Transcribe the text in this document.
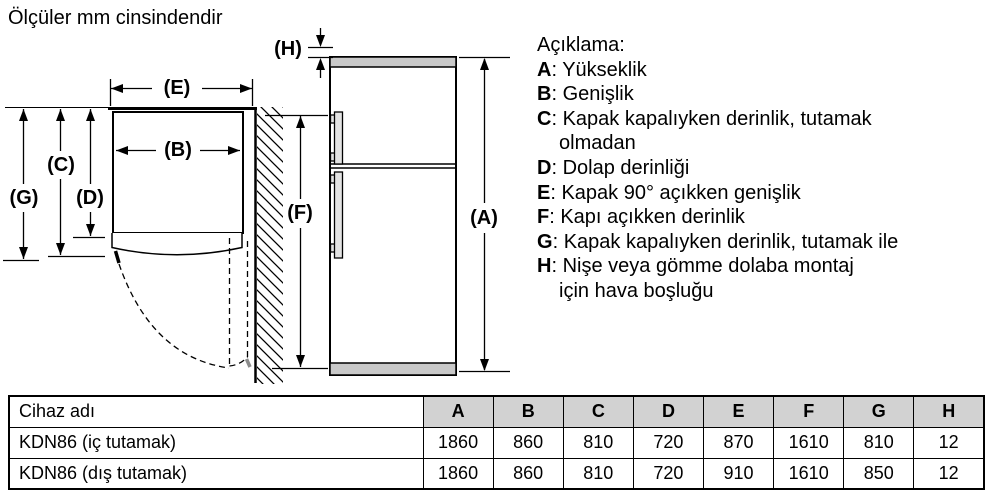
Ölçüler mm cinsindendir
(E)
(B)
(C)
(G) (D)
(H)
(F)	(A)
Açıklama:
A: Yükseklik
B: Genişlik
C: Kapak kapalıyken derinlik, tutamak
olmadan
D: Dolap derinliği
E: Kapak 90° açıkken genişlik
F: Kapı açıkken derinlik
G: Kapak kapalıyken derinlik, tutamak ile
H: Nişe veya gömme dolaba montaj
için hava boşluğu
Cihaz adı	A	B	C	D	E	F	G	H
KDN86 (iç tutamak)	1860	860	810	720	870	1610	810	12
KDN86 (dış tutamak)	1860	860	810	720	910	1610	850	12
